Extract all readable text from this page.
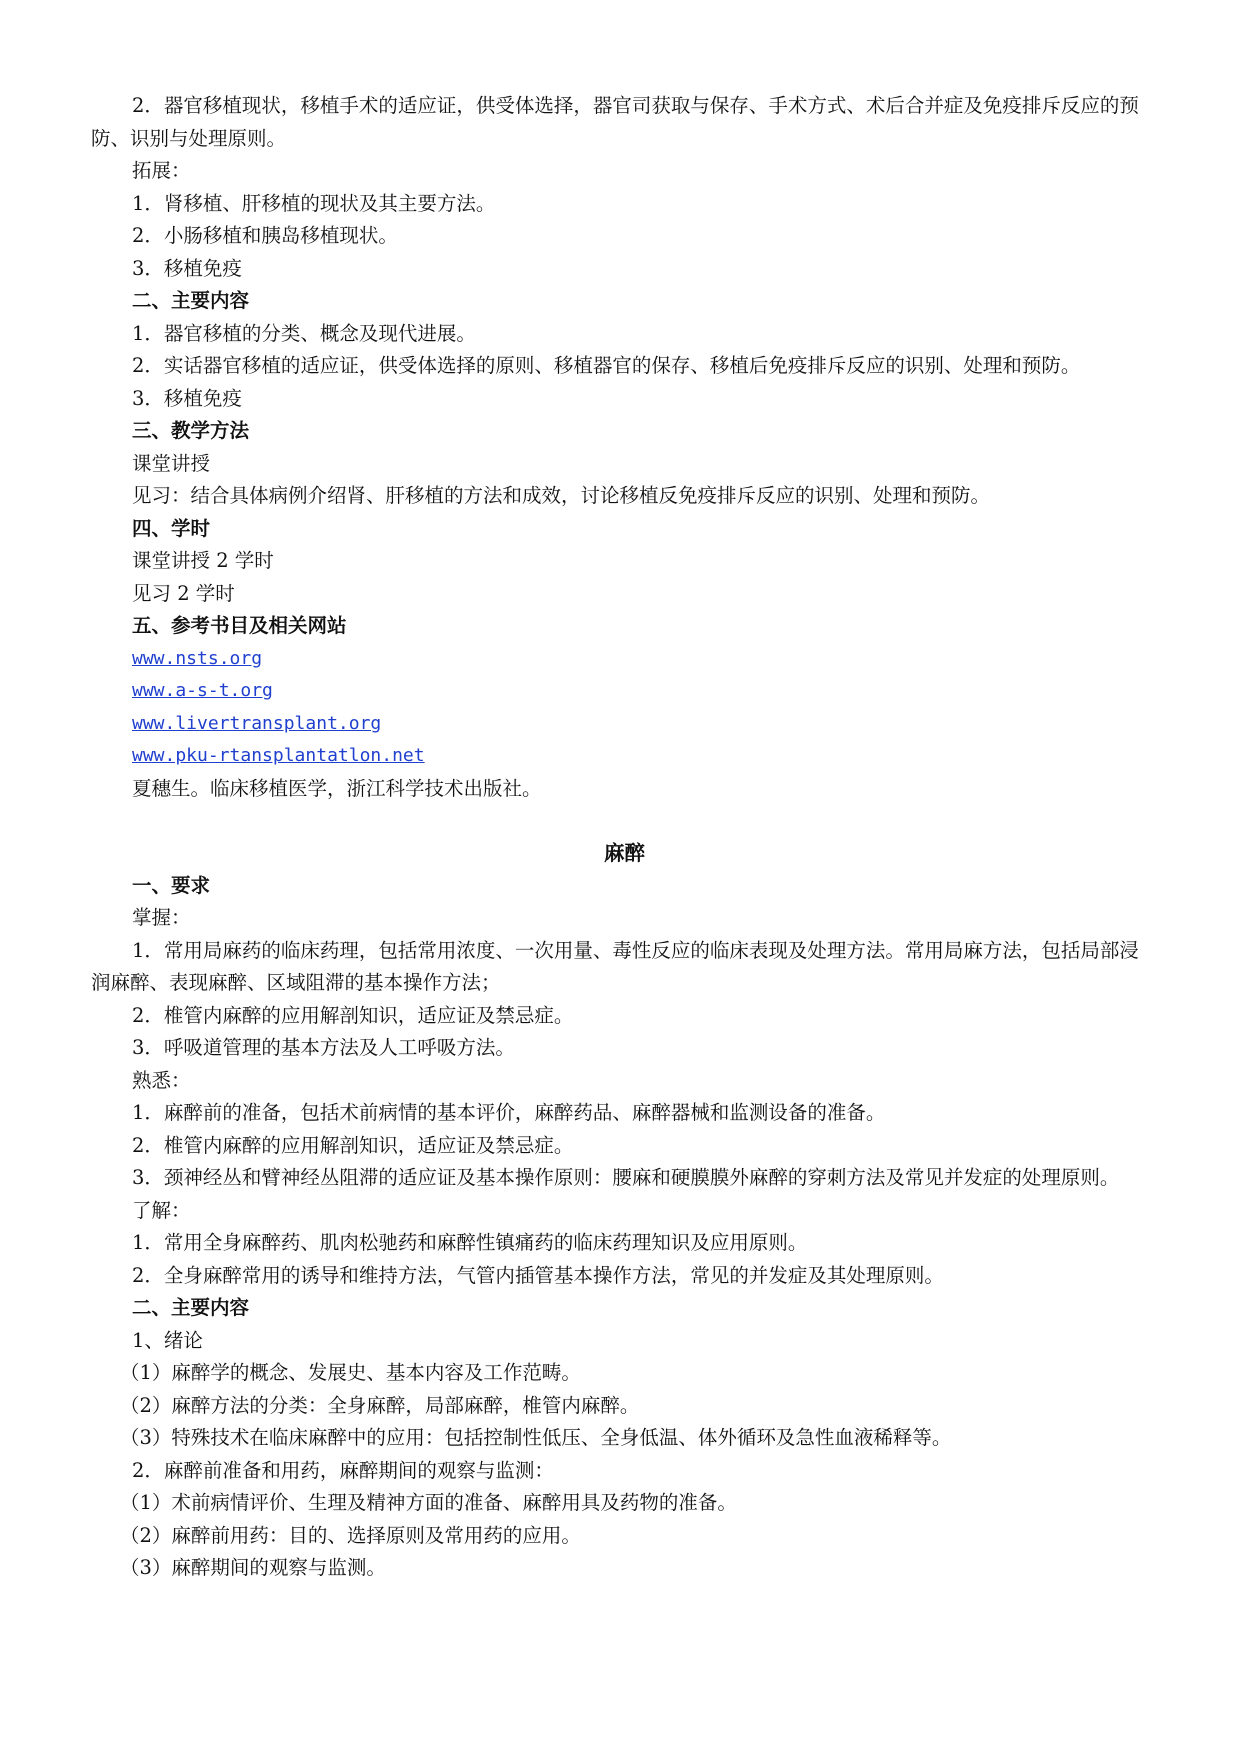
2．器官移植现状，移植手术的适应证，供受体选择，器官司获取与保存、手术方式、术后合并症及免疫排斥反应的预防、识别与处理原则。

拓展：

1．肾移植、肝移植的现状及其主要方法。

2．小肠移植和胰岛移植现状。

3．移植免疫

二、主要内容

1．器官移植的分类、概念及现代进展。

2．实话器官移植的适应证，供受体选择的原则、移植器官的保存、移植后免疫排斥反应的识别、处理和预防。

3．移植免疫

三、教学方法

课堂讲授

见习：结合具体病例介绍肾、肝移植的方法和成效，讨论移植反免疫排斥反应的识别、处理和预防。

四、学时

课堂讲授 2 学时

见习 2 学时

五、参考书目及相关网站

www.nsts.org

www.a-s-t.org

www.livertransplant.org

www.pku-rtansplantatlon.net

夏穗生。临床移植医学，浙江科学技术出版社。

麻醉

一、要求

掌握：

1．常用局麻药的临床药理，包括常用浓度、一次用量、毒性反应的临床表现及处理方法。常用局麻方法，包括局部浸润麻醉、表现麻醉、区域阻滞的基本操作方法；

2．椎管内麻醉的应用解剖知识，适应证及禁忌症。

3．呼吸道管理的基本方法及人工呼吸方法。

熟悉：

1．麻醉前的准备，包括术前病情的基本评价，麻醉药品、麻醉器械和监测设备的准备。

2．椎管内麻醉的应用解剖知识，适应证及禁忌症。

3．颈神经丛和臂神经丛阻滞的适应证及基本操作原则：腰麻和硬膜膜外麻醉的穿刺方法及常见并发症的处理原则。

了解：

1．常用全身麻醉药、肌肉松驰药和麻醉性镇痛药的临床药理知识及应用原则。

2．全身麻醉常用的诱导和维持方法，气管内插管基本操作方法，常见的并发症及其处理原则。

二、主要内容

1、绪论

（1）麻醉学的概念、发展史、基本内容及工作范畴。

（2）麻醉方法的分类：全身麻醉，局部麻醉，椎管内麻醉。

（3）特殊技术在临床麻醉中的应用：包括控制性低压、全身低温、体外循环及急性血液稀释等。

2．麻醉前准备和用药，麻醉期间的观察与监测：

（1）术前病情评价、生理及精神方面的准备、麻醉用具及药物的准备。

（2）麻醉前用药：目的、选择原则及常用药的应用。

（3）麻醉期间的观察与监测。
